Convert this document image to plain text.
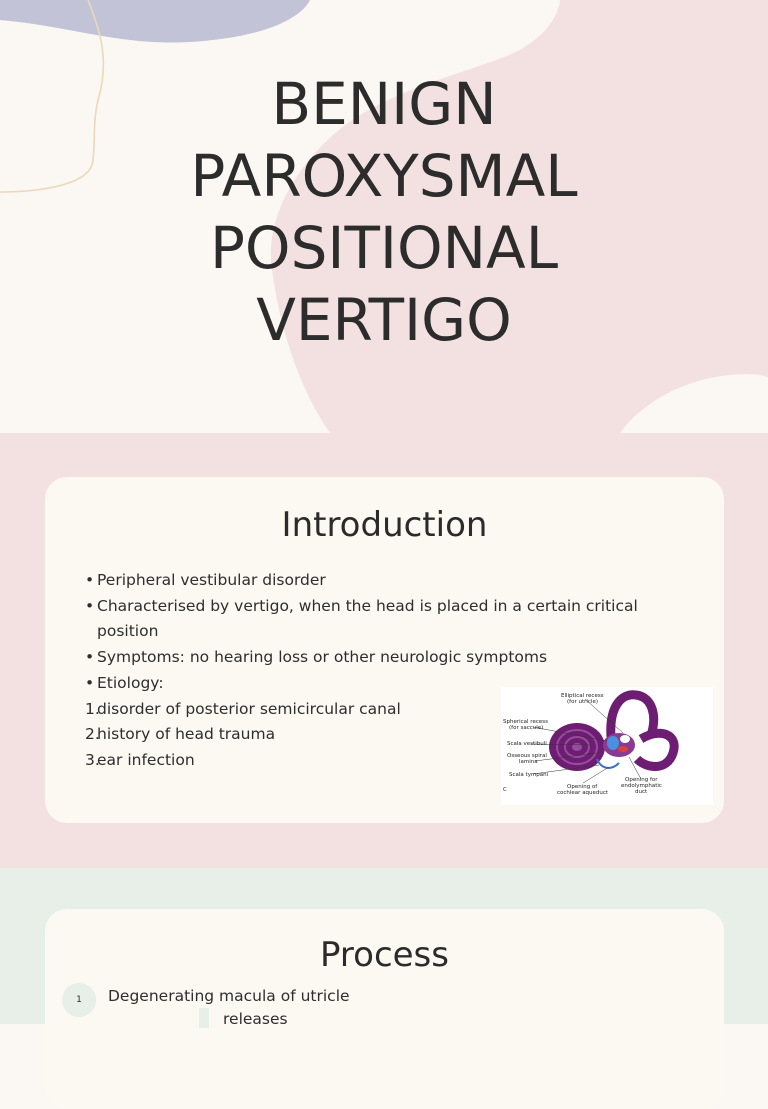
BENIGN
PAROXYSMAL
POSITIONAL
VERTIGO
Introduction
• Peripheral vestibular disorder
• Characterised by vertigo, when the head is placed in a certain critical position
• Symptoms: no hearing loss or other neurologic symptoms
• Etiology:
1.disorder of posterior semicircular canal
2.history of head trauma
3.ear infection
Elliptical recess
(for utricle)
Spherical recess
(for saccule)
Scala vestibuli
Osseous spiral
lamina
Scala tympani
Opening of
cochlear aqueduct
Opening for
endolymphatic
duct
C
Process
1	Degenerating macula of utricle
releases
